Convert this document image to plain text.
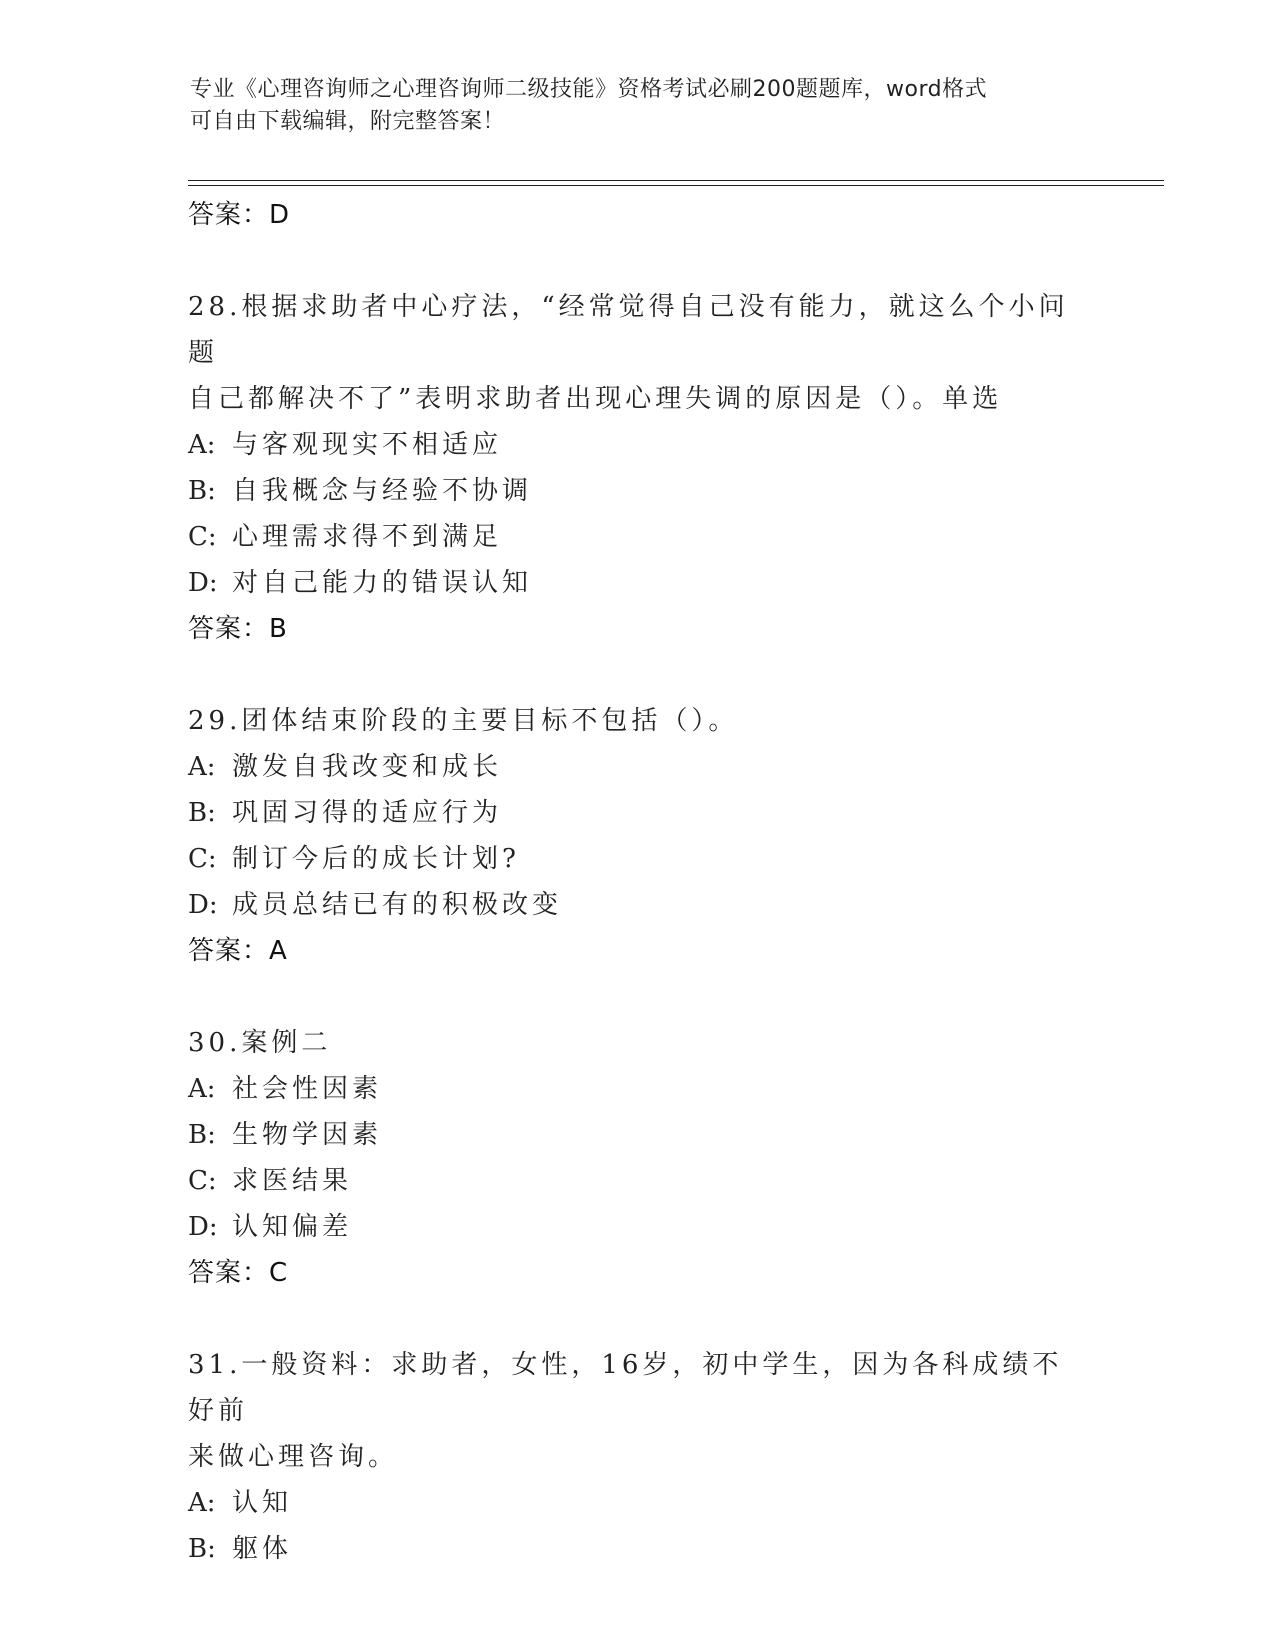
专业《心理咨询师之心理咨询师二级技能》资格考试必刷200题题库，word格式
可自由下载编辑，附完整答案！
答案：D
28.根据求助者中心疗法，“经常觉得自己没有能力，就这么个小问题
自己都解决不了”表明求助者出现心理失调的原因是（）。单选
A: 与客观现实不相适应
B: 自我概念与经验不协调
C: 心理需求得不到满足
D: 对自己能力的错误认知
答案：B
29.团体结束阶段的主要目标不包括（）。
A: 激发自我改变和成长
B: 巩固习得的适应行为
C: 制订今后的成长计划?
D: 成员总结已有的积极改变
答案：A
30.案例二
A: 社会性因素
B: 生物学因素
C: 求医结果
D: 认知偏差
答案：C
31.一般资料：求助者，女性，16岁，初中学生，因为各科成绩不好前
来做心理咨询。
A: 认知
B: 躯体
